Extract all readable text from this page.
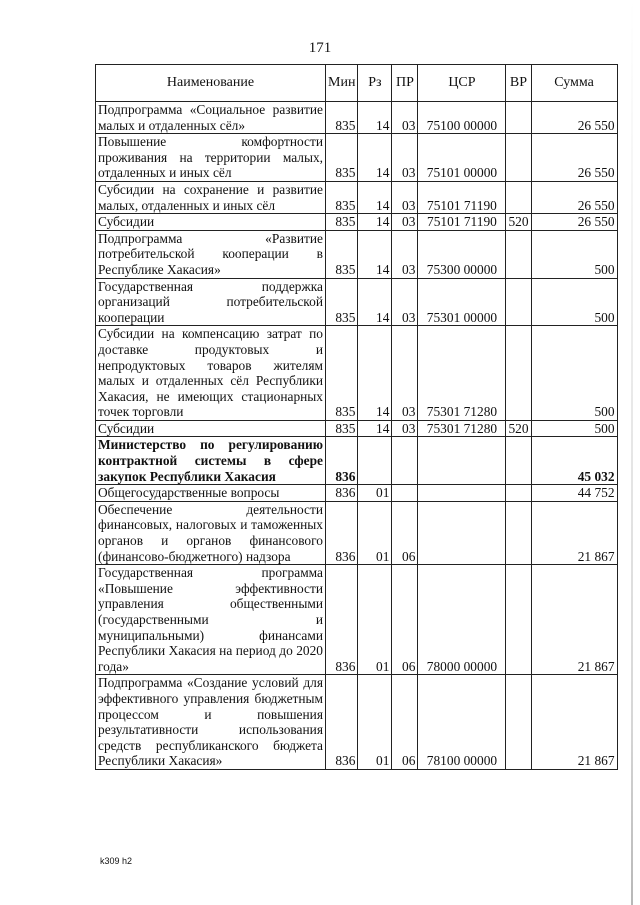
171
Наименование	Мин	Рз	ПР	ЦСР	ВР	Сумма
Подпрограмма «Социальное развитие малых и отдаленных сёл»	835	14	03	75100 00000		26 550
Повышение комфортности проживания на территории малых, отдаленных и иных сёл	835	14	03	75101 00000		26 550
Субсидии на сохранение и развитие малых, отдаленных и иных сёл	835	14	03	75101 71190		26 550
Субсидии	835	14	03	75101 71190	520	26 550
Подпрограмма «Развитие потребительской кооперации в Республике Хакасия»	835	14	03	75300 00000		500
Государственная поддержка организаций потребительской кооперации	835	14	03	75301 00000		500
Субсидии на компенсацию затрат по доставке продуктовых и непродуктовых товаров жителям малых и отдаленных сёл Республики Хакасия, не имеющих стационарных точек торговли	835	14	03	75301 71280		500
Субсидии	835	14	03	75301 71280	520	500
Министерство по регулированию контрактной системы в сфере закупок Республики Хакасия	836					45 032
Общегосударственные вопросы	836	01				44 752
Обеспечение деятельности финансовых, налоговых и таможенных органов и органов финансового (финансово-бюджетного) надзора	836	01	06			21 867
Государственная программа «Повышение эффективности управления общественными (государственными и муниципальными) финансами Республики Хакасия на период до 2020 года»	836	01	06	78000 00000		21 867
Подпрограмма «Создание условий для эффективного управления бюджетным процессом и повышения результативности использования средств республиканского бюджета Республики Хакасия»	836	01	06	78100 00000		21 867
k309 h2
